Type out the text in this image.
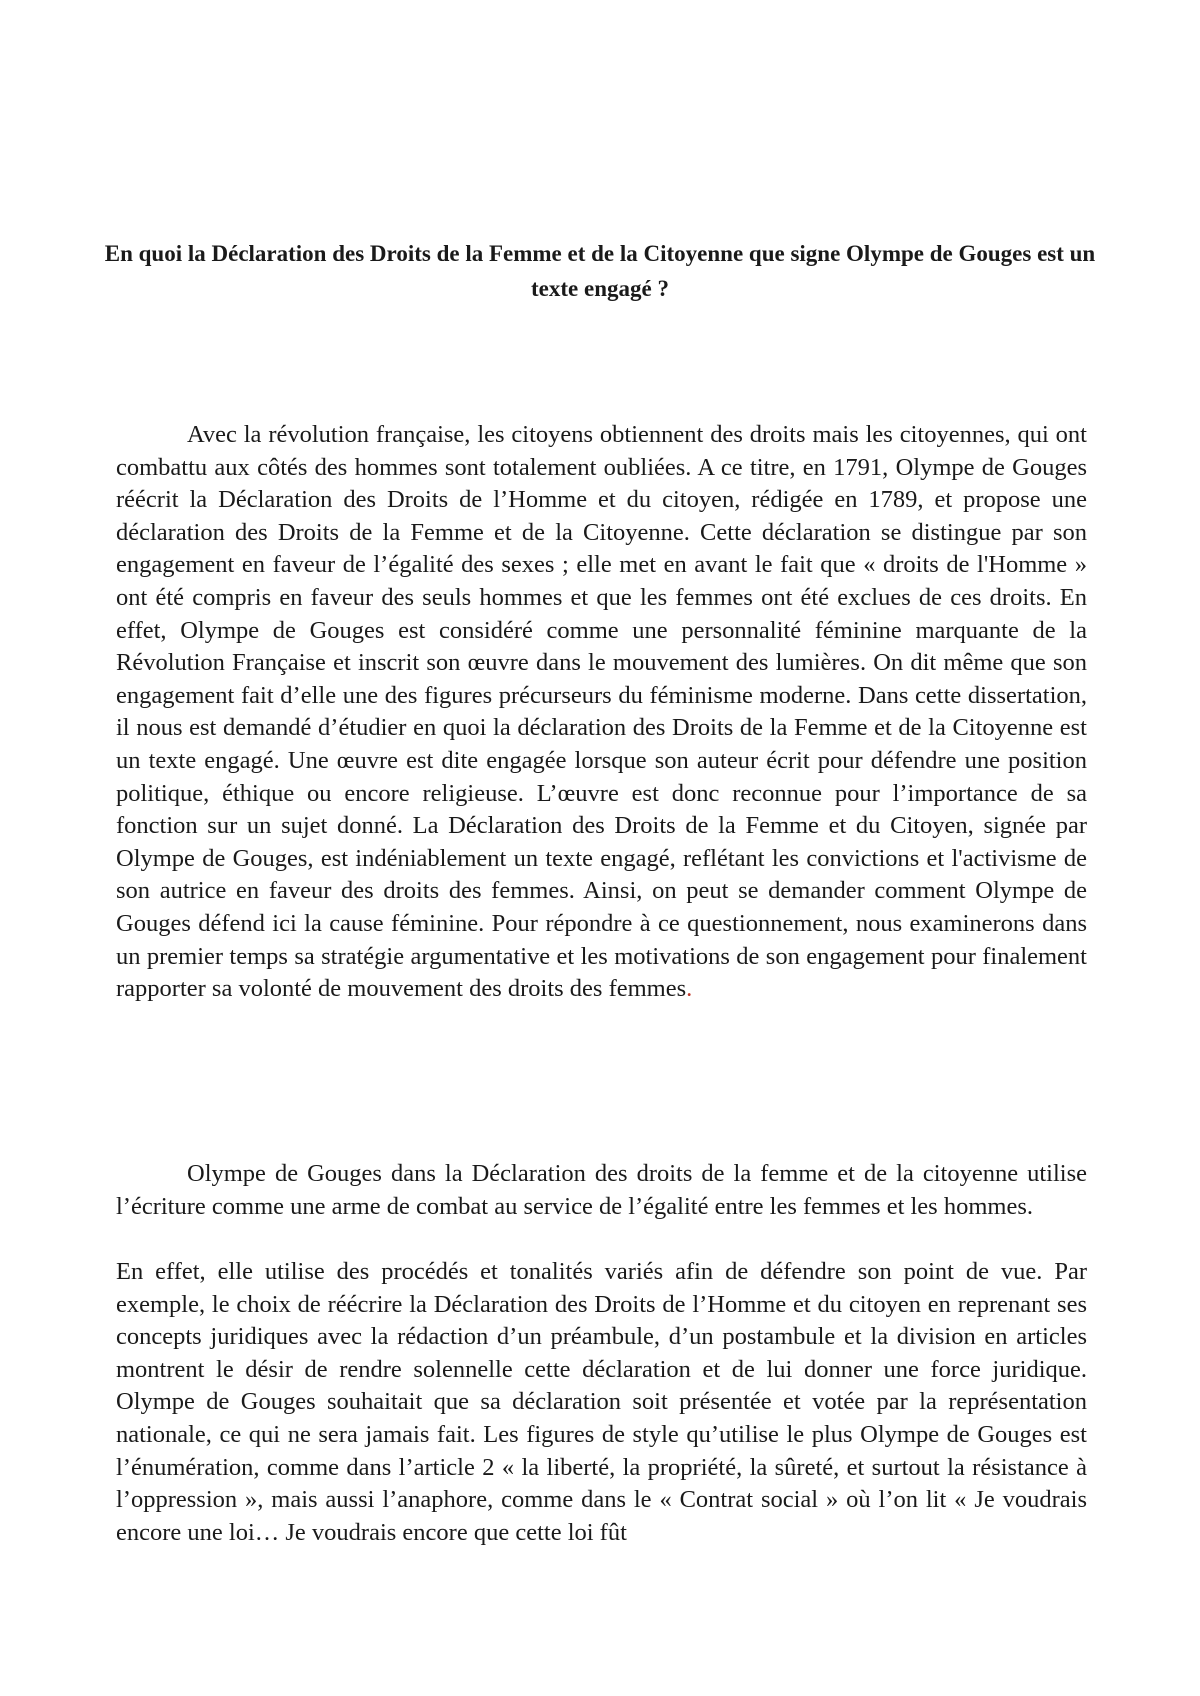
En quoi la Déclaration des Droits de la Femme et de la Citoyenne que signe Olympe de Gouges est un texte engagé ?

Avec la révolution française, les citoyens obtiennent des droits mais les citoyennes, qui ont combattu aux côtés des hommes sont totalement oubliées. A ce titre, en 1791, Olympe de Gouges réécrit la Déclaration des Droits de l’Homme et du citoyen, rédigée en 1789, et propose une déclaration des Droits de la Femme et de la Citoyenne. Cette déclaration se distingue par son engagement en faveur de l’égalité des sexes ; elle met en avant le fait que « droits de l'Homme » ont été compris en faveur des seuls hommes et que les femmes ont été exclues de ces droits. En effet, Olympe de Gouges est considéré comme une personnalité féminine marquante de la Révolution Française et inscrit son œuvre dans le mouvement des lumières. On dit même que son engagement fait d’elle une des figures précurseurs du féminisme moderne. Dans cette dissertation, il nous est demandé d’étudier en quoi la déclaration des Droits de la Femme et de la Citoyenne est un texte engagé. Une œuvre est dite engagée lorsque son auteur écrit pour défendre une position politique, éthique ou encore religieuse. L’œuvre est donc reconnue pour l’importance de sa fonction sur un sujet donné. La Déclaration des Droits de la Femme et du Citoyen, signée par Olympe de Gouges, est indéniablement un texte engagé, reflétant les convictions et l'activisme de son autrice en faveur des droits des femmes. Ainsi, on peut se demander comment Olympe de Gouges défend ici la cause féminine. Pour répondre à ce questionnement, nous examinerons dans un premier temps sa stratégie argumentative et les motivations de son engagement pour finalement rapporter sa volonté de mouvement des droits des femmes.

Olympe de Gouges dans la Déclaration des droits de la femme et de la citoyenne utilise l’écriture comme une arme de combat au service de l’égalité entre les femmes et les hommes.

En effet, elle utilise des procédés et tonalités variés afin de défendre son point de vue. Par exemple, le choix de réécrire la Déclaration des Droits de l’Homme et du citoyen en reprenant ses concepts juridiques avec la rédaction d’un préambule, d’un postambule et la division en articles montrent le désir de rendre solennelle cette déclaration et de lui donner une force juridique. Olympe de Gouges souhaitait que sa déclaration soit présentée et votée par la représentation nationale, ce qui ne sera jamais fait. Les figures de style qu’utilise le plus Olympe de Gouges est l’énumération, comme dans l’article 2 « la liberté, la propriété, la sûreté, et surtout la résistance à l’oppression », mais aussi l’anaphore, comme dans le « Contrat social » où l’on lit « Je voudrais encore une loi… Je voudrais encore que cette loi fût
